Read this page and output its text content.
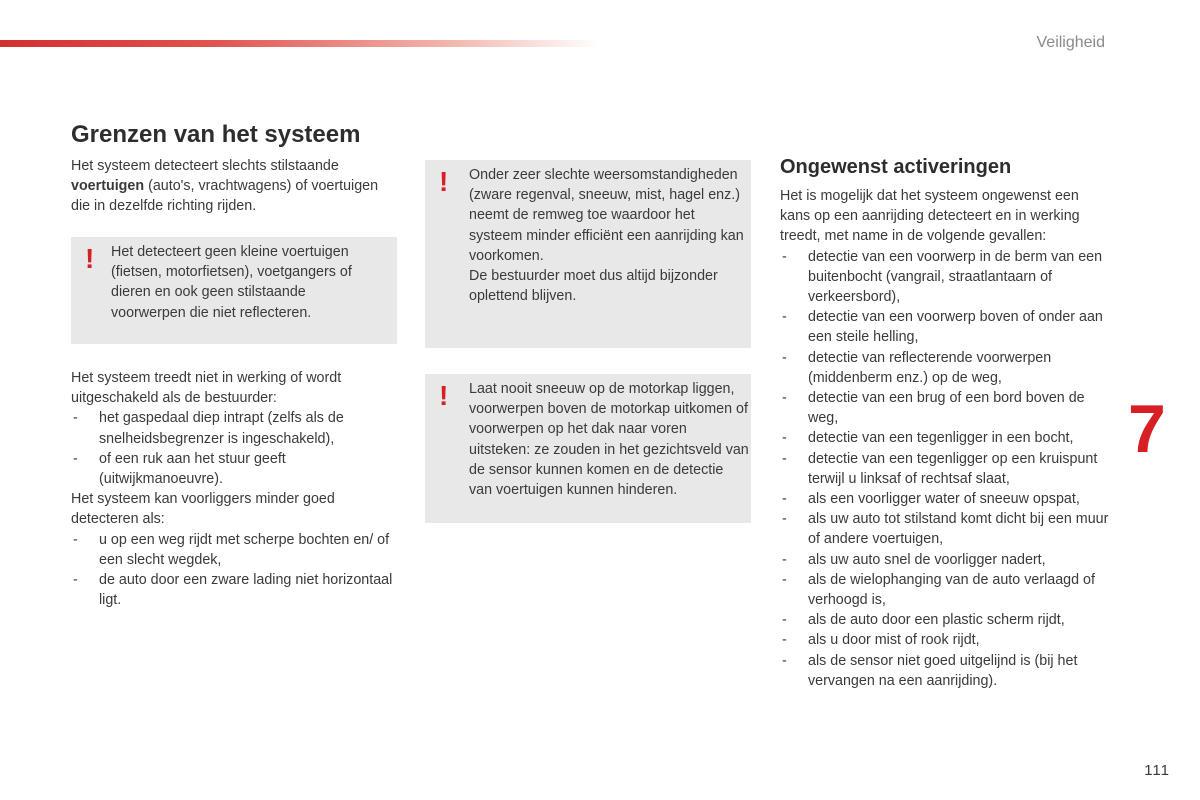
Veiligheid
7
111
Grenzen van het systeem

Het systeem detecteert slechts stilstaande voertuigen (auto's, vrachtwagens) of voertuigen die in dezelfde richting rijden.

! Het detecteert geen kleine voertuigen (fietsen, motorfietsen), voetgangers of dieren en ook geen stilstaande voorwerpen die niet reflecteren.

Het systeem treedt niet in werking of wordt uitgeschakeld als de bestuurder:

- het gaspedaal diep intrapt (zelfs als de snelheidsbegrenzer is ingeschakeld),
- of een ruk aan het stuur geeft (uitwijkmanoeuvre).

Het systeem kan voorliggers minder goed detecteren als:

- u op een weg rijdt met scherpe bochten en/ of een slecht wegdek,
- de auto door een zware lading niet horizontaal ligt.
! Onder zeer slechte weersomstandigheden (zware regenval, sneeuw, mist, hagel enz.) neemt de remweg toe waardoor het systeem minder efficiënt een aanrijding kan voorkomen.

De bestuurder moet dus altijd bijzonder oplettend blijven.

! Laat nooit sneeuw op de motorkap liggen, voorwerpen boven de motorkap uitkomen of voorwerpen op het dak naar voren uitsteken: ze zouden in het gezichtsveld van de sensor kunnen komen en de detectie van voertuigen kunnen hinderen.

Ongewenst activeringen

Het is mogelijk dat het systeem ongewenst een kans op een aanrijding detecteert en in werking treedt, met name in de volgende gevallen:

- detectie van een voorwerp in de berm van een buitenbocht (vangrail, straatlantaarn of verkeersbord),
- detectie van een voorwerp boven of onder aan een steile helling,
- detectie van reflecterende voorwerpen (middenberm enz.) op de weg,
- detectie van een brug of een bord boven de weg,
- detectie van een tegenligger in een bocht,
- detectie van een tegenligger op een kruispunt terwijl u linksaf of rechtsaf slaat,
- als een voorligger water of sneeuw opspat,
- als uw auto tot stilstand komt dicht bij een muur of andere voertuigen,
- als uw auto snel de voorligger nadert,
- als de wielophanging van de auto verlaagd of verhoogd is,
- als de auto door een plastic scherm rijdt,
- als u door mist of rook rijdt,
- als de sensor niet goed uitgelijnd is (bij het vervangen na een aanrijding).
